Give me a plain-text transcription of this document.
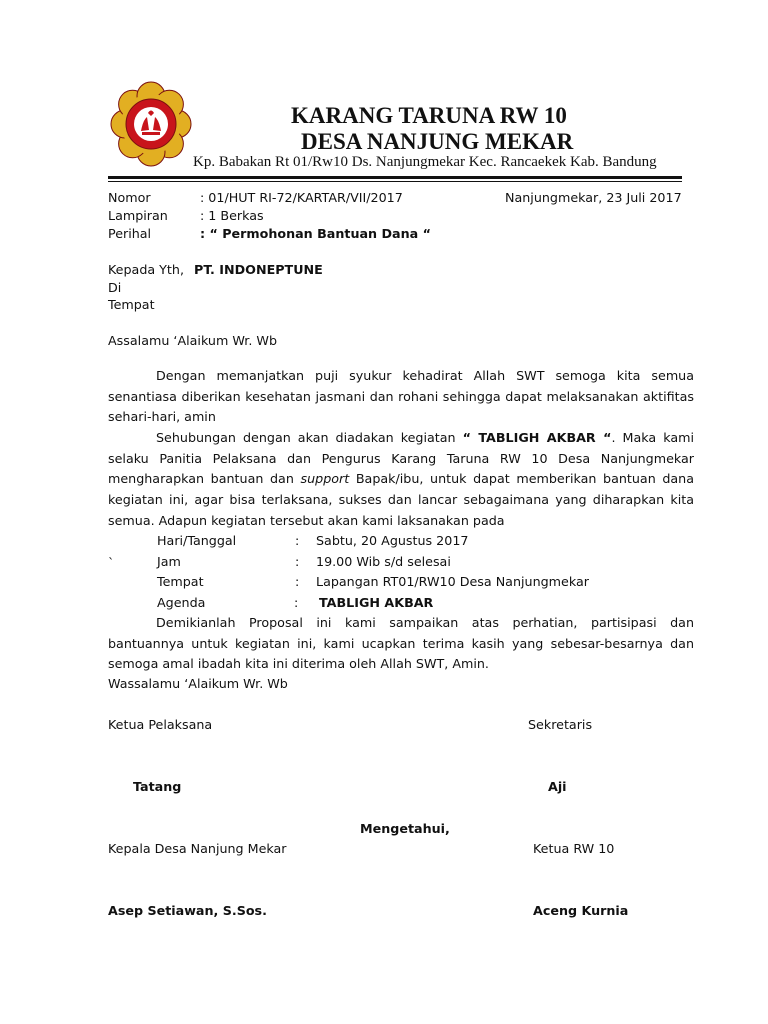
KARANG TARUNA RW 10
DESA NANJUNG MEKAR
Kp. Babakan Rt 01/Rw10 Ds. Nanjungmekar Kec. Rancaekek Kab. Bandung
Nomor	: 01/HUT RI-72/KARTAR/VII/2017	Nanjungmekar, 23 Juli 2017
Lampiran	: 1 Berkas
Perihal	: “ Permohonan Bantuan Dana “
Kepada Yth, PT. INDONEPTUNE
Di
Tempat
Assalamu ‘Alaikum Wr. Wb
Dengan memanjatkan puji syukur kehadirat Allah SWT semoga kita semua senantiasa diberikan kesehatan jasmani dan rohani sehingga dapat melaksanakan aktifitas sehari-hari, amin
Sehubungan dengan akan diadakan kegiatan “ TABLIGH AKBAR “. Maka kami selaku Panitia Pelaksana dan Pengurus Karang Taruna RW 10 Desa Nanjungmekar mengharapkan bantuan dan support Bapak/ibu, untuk dapat memberikan bantuan dana kegiatan ini, agar bisa terlaksana, sukses dan lancar sebagaimana yang diharapkan kita semua. Adapun kegiatan tersebut akan kami laksanakan pada
`
Hari/Tanggal	: Sabtu, 20 Agustus 2017
Jam	: 19.00 Wib s/d selesai
Tempat	: Lapangan RT01/RW10 Desa Nanjungmekar
Agenda	: TABLIGH AKBAR
Demikianlah Proposal ini kami sampaikan atas perhatian, partisipasi dan bantuannya untuk kegiatan ini, kami ucapkan terima kasih yang sebesar-besarnya dan semoga amal ibadah kita ini diterima oleh Allah SWT, Amin.
Wassalamu ‘Alaikum Wr. Wb
Ketua Pelaksana	Sekretaris
Tatang	Aji
Mengetahui,
Kepala Desa Nanjung Mekar	Ketua RW 10
Asep Setiawan, S.Sos.	Aceng Kurnia
